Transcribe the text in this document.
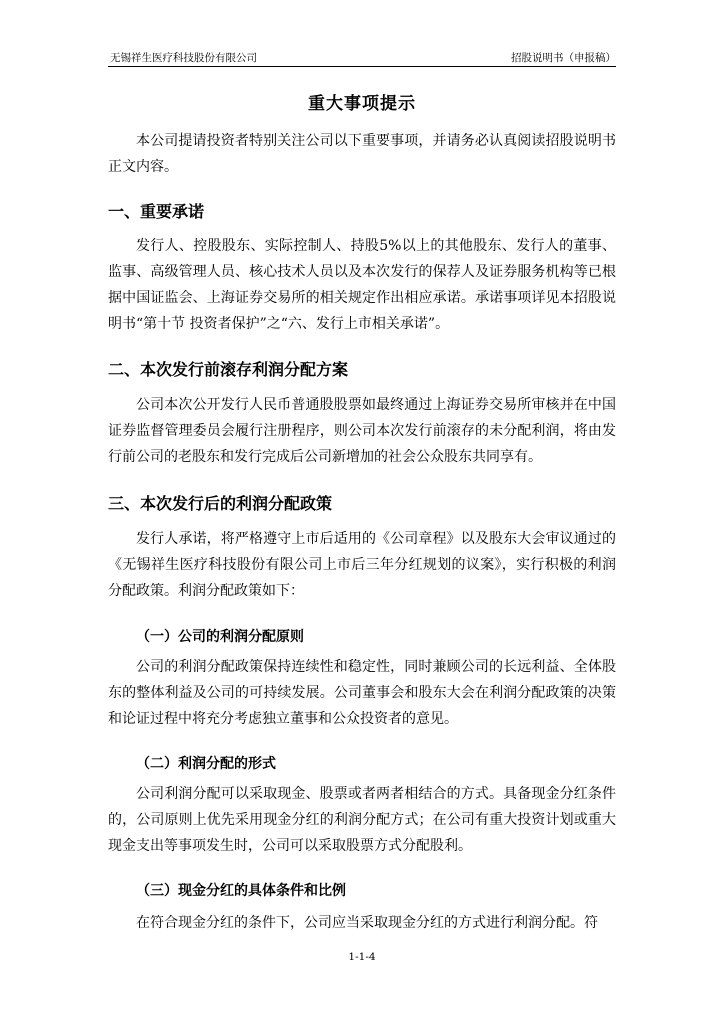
无锡祥生医疗科技股份有限公司	招股说明书（申报稿）
重大事项提示
本公司提请投资者特别关注公司以下重要事项，并请务必认真阅读招股说明书正文内容。
一、重要承诺
发行人、控股股东、实际控制人、持股5%以上的其他股东、发行人的董事、监事、高级管理人员、核心技术人员以及本次发行的保荐人及证券服务机构等已根据中国证监会、上海证券交易所的相关规定作出相应承诺。承诺事项详见本招股说明书“第十节 投资者保护”之“六、发行上市相关承诺”。
二、本次发行前滚存利润分配方案
公司本次公开发行人民币普通股股票如最终通过上海证券交易所审核并在中国证券监督管理委员会履行注册程序，则公司本次发行前滚存的未分配利润，将由发行前公司的老股东和发行完成后公司新增加的社会公众股东共同享有。
三、本次发行后的利润分配政策
发行人承诺，将严格遵守上市后适用的《公司章程》以及股东大会审议通过的《无锡祥生医疗科技股份有限公司上市后三年分红规划的议案》，实行积极的利润分配政策。利润分配政策如下：
（一）公司的利润分配原则
公司的利润分配政策保持连续性和稳定性，同时兼顾公司的长远利益、全体股东的整体利益及公司的可持续发展。公司董事会和股东大会在利润分配政策的决策和论证过程中将充分考虑独立董事和公众投资者的意见。
（二）利润分配的形式
公司利润分配可以采取现金、股票或者两者相结合的方式。具备现金分红条件的，公司原则上优先采用现金分红的利润分配方式；在公司有重大投资计划或重大现金支出等事项发生时，公司可以采取股票方式分配股利。
（三）现金分红的具体条件和比例
在符合现金分红的条件下，公司应当采取现金分红的方式进行利润分配。符
1-1-4
